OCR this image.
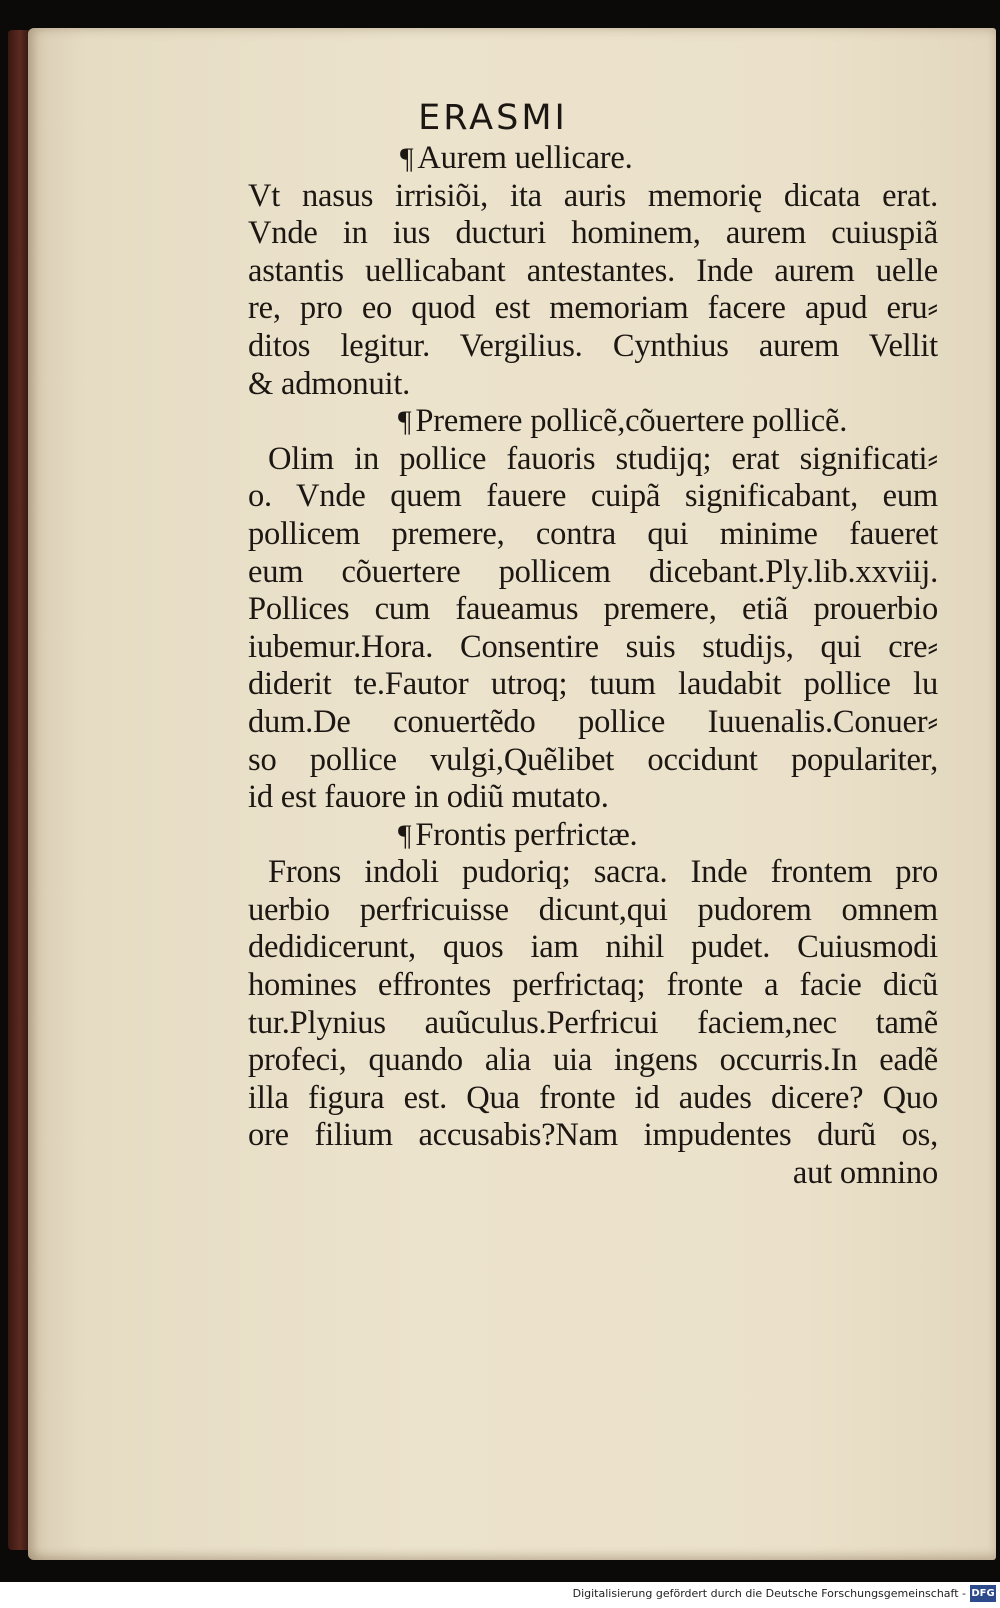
ERASMI
¶ Aurem uellicare.
Vt nasus irrisiõi, ita auris memorię dicata erat.
Vnde in ius ducturi hominem, aurem cuiuspiã
astantis uellicabant antestantes. Inde aurem uelle
re, pro eo quod est memoriam facere apud eru⸗
ditos legitur. Vergilius. Cynthius aurem Vellit
& admonuit.
¶ Premere pollicẽ,cõuertere pollicẽ.
Olim in pollice fauoris studijq; erat significati⸗
o. Vnde quem fauere cuipã significabant, eum
pollicem premere, contra qui minime faueret
eum cõuertere pollicem dicebant.Ply.lib.xxviij.
Pollices cum faueamus premere, etiã prouerbio
iubemur.Hora. Consentire suis studijs, qui cre⸗
diderit te.Fautor utroq; tuum laudabit pollice lu
dum.De conuertẽdo pollice Iuuenalis.Conuer⸗
so pollice vulgi,Quẽlibet occidunt populariter,
id est fauore in odiũ mutato.
¶ Frontis perfrictæ.
Frons indoli pudoriq; sacra. Inde frontem pro
uerbio perfricuisse dicunt,qui pudorem omnem
dedidicerunt, quos iam nihil pudet. Cuiusmodi
homines effrontes perfrictaq; fronte a facie dicũ
tur.Plynius auũculus.Perfricui faciem,nec tamẽ
profeci, quando alia uia ingens occurris.In eadẽ
illa figura est. Qua fronte id audes dicere? Quo
ore filium accusabis?Nam impudentes durũ os,
aut omnino
Digitalisierung gefördert durch die Deutsche Forschungsgemeinschaft - DFG
